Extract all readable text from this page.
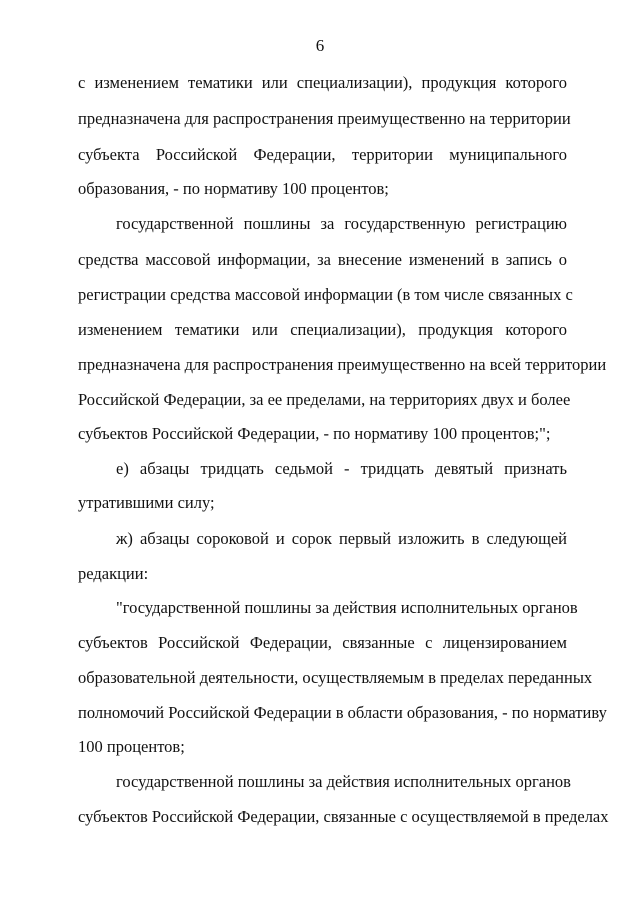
6
с изменением тематики или специализации), продукция которого
предназначена для распространения преимущественно на территории
субъекта Российской Федерации, территории муниципального
образования, - по нормативу 100 процентов;
государственной пошлины за государственную регистрацию
средства массовой информации, за внесение изменений в запись о
регистрации средства массовой информации (в том числе связанных с
изменением тематики или специализации), продукция которого
предназначена для распространения преимущественно на всей территории
Российской Федерации, за ее пределами, на территориях двух и более
субъектов Российской Федерации, - по нормативу 100 процентов;";
е) абзацы тридцать седьмой - тридцать девятый признать
утратившими силу;
ж) абзацы сороковой и сорок первый изложить в следующей
редакции:
"государственной пошлины за действия исполнительных органов
субъектов Российской Федерации, связанные с лицензированием
образовательной деятельности, осуществляемым в пределах переданных
полномочий Российской Федерации в области образования, - по нормативу
100 процентов;
государственной пошлины за действия исполнительных органов
субъектов Российской Федерации, связанные с осуществляемой в пределах
